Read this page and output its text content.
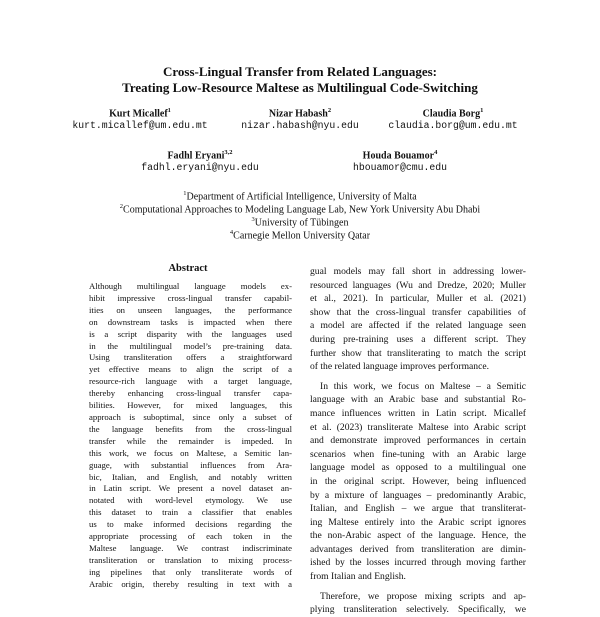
Cross-Lingual Transfer from Related Languages:
Treating Low-Resource Maltese as Multilingual Code-Switching
Kurt Micallef$^1$
kurt.micallef@um.edu.mt
Nizar Habash$^2$
nizar.habash@nyu.edu
Claudia Borg$^1$
claudia.borg@um.edu.mt
Fadhl Eryani$^{3,2}$
fadhl.eryani@nyu.edu
Houda Bouamor$^4$
hbouamor@cmu.edu
$^1$Department of Artificial Intelligence, University of Malta
$^2$Computational Approaches to Modeling Language Lab, New York University Abu Dhabi
$^3$University of Tübingen
$^4$Carnegie Mellon University Qatar
Abstract
Although multilingual language models ex-
hibit impressive cross-lingual transfer capabil-
ities on unseen languages, the performance
on downstream tasks is impacted when there
is a script disparity with the languages used
in the multilingual model’s pre-training data.
Using transliteration offers a straightforward
yet effective means to align the script of a
resource-rich language with a target language,
thereby enhancing cross-lingual transfer capa-
bilities. However, for mixed languages, this
approach is suboptimal, since only a subset of
the language benefits from the cross-lingual
transfer while the remainder is impeded. In
this work, we focus on Maltese, a Semitic lan-
guage, with substantial influences from Ara-
bic, Italian, and English, and notably written
in Latin script. We present a novel dataset an-
notated with word-level etymology. We use
this dataset to train a classifier that enables
us to make informed decisions regarding the
appropriate processing of each token in the
Maltese language. We contrast indiscriminate
transliteration or translation to mixing process-
ing pipelines that only transliterate words of
Arabic origin, thereby resulting in text with a
gual models may fall short in addressing lower-
resourced languages (Wu and Dredze, 2020; Muller
et al., 2021). In particular, Muller et al. (2021)
show that the cross-lingual transfer capabilities of
a model are affected if the related language seen
during pre-training uses a different script. They
further show that transliterating to match the script
of the related language improves performance.
In this work, we focus on Maltese – a Semitic
language with an Arabic base and substantial Ro-
mance influences written in Latin script. Micallef
et al. (2023) transliterate Maltese into Arabic script
and demonstrate improved performances in certain
scenarios when fine-tuning with an Arabic large
language model as opposed to a multilingual one
in the original script. However, being influenced
by a mixture of languages – predominantly Arabic,
Italian, and English – we argue that transliterat-
ing Maltese entirely into the Arabic script ignores
the non-Arabic aspect of the language. Hence, the
advantages derived from transliteration are dimin-
ished by the losses incurred through moving farther
from Italian and English.
Therefore, we propose mixing scripts and ap-
plying transliteration selectively. Specifically, we
